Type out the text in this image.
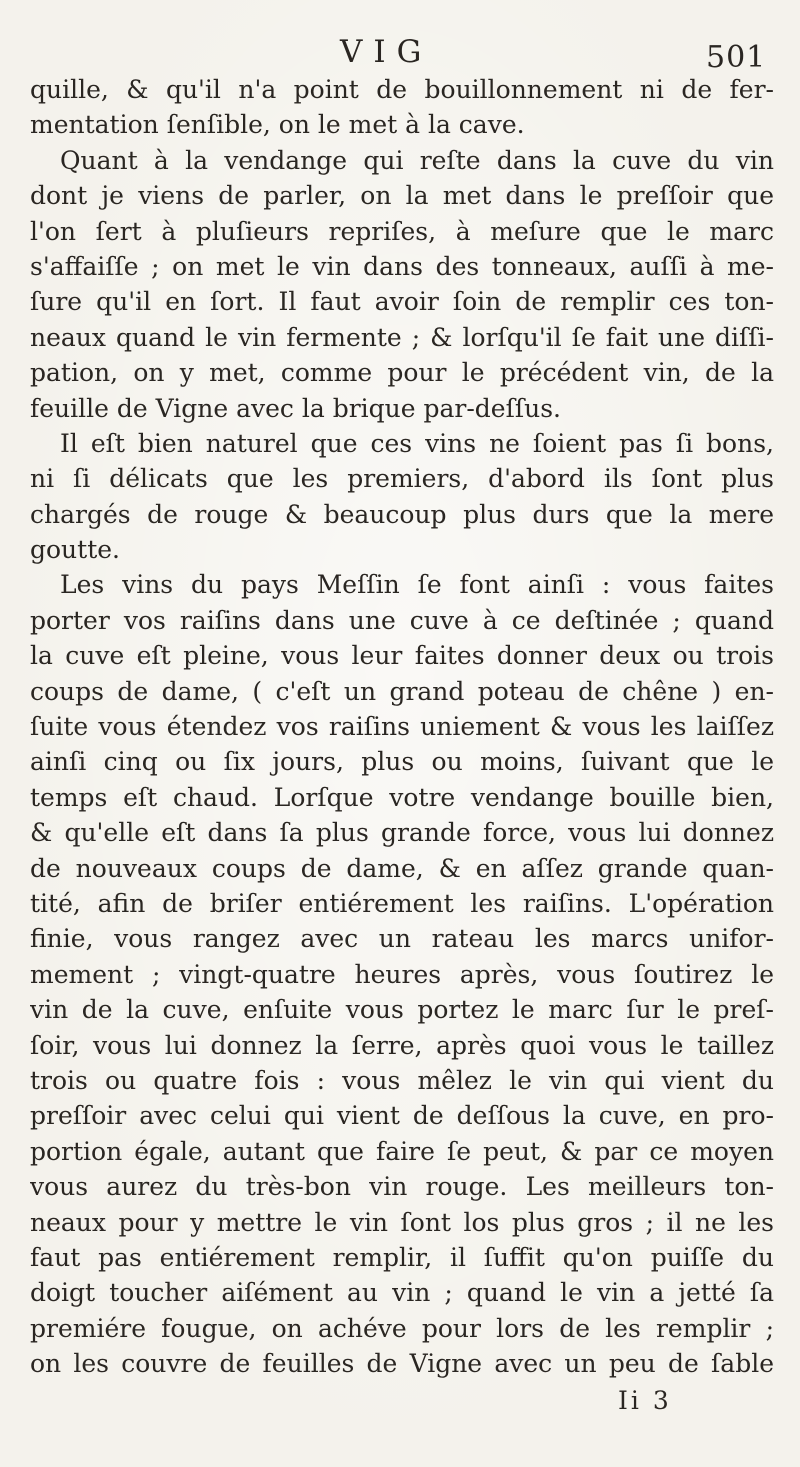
VIG	501
quille, & qu'il n'a point de bouillonnement ni de fer-
mentation ſenſible, on le met à la cave.
Quant à la vendange qui reſte dans la cuve du vin
dont je viens de parler, on la met dans le preſſoir que
l'on ſert à pluſieurs repriſes, à meſure que le marc
s'affaiſſe ; on met le vin dans des tonneaux, auſſi à me-
ſure qu'il en ſort. Il faut avoir ſoin de remplir ces ton-
neaux quand le vin fermente ; & lorſqu'il ſe fait une diſſi-
pation, on y met, comme pour le précédent vin, de la
feuille de Vigne avec la brique par-deſſus.
Il eſt bien naturel que ces vins ne ſoient pas ſi bons,
ni ſi délicats que les premiers, d'abord ils ſont plus
chargés de rouge & beaucoup plus durs que la mere
goutte.
Les vins du pays Meſſin ſe font ainſi : vous faites
porter vos raiſins dans une cuve à ce deſtinée ; quand
la cuve eſt pleine, vous leur faites donner deux ou trois
coups de dame, ( c'eſt un grand poteau de chêne ) en-
ſuite vous étendez vos raiſins uniement & vous les laiſſez
ainſi cinq ou ſix jours, plus ou moins, ſuivant que le
temps eſt chaud. Lorſque votre vendange bouille bien,
& qu'elle eſt dans ſa plus grande force, vous lui donnez
de nouveaux coups de dame, & en aſſez grande quan-
tité, afin de briſer entiérement les raiſins. L'opération
finie, vous rangez avec un rateau les marcs unifor-
mement ; vingt-quatre heures après, vous ſoutirez le
vin de la cuve, enſuite vous portez le marc ſur le preſ-
ſoir, vous lui donnez la ſerre, après quoi vous le taillez
trois ou quatre fois : vous mêlez le vin qui vient du
preſſoir avec celui qui vient de deſſous la cuve, en pro-
portion égale, autant que faire ſe peut, & par ce moyen
vous aurez du très-bon vin rouge. Les meilleurs ton-
neaux pour y mettre le vin ſont los plus gros ; il ne les
faut pas entiérement remplir, il ſuffit qu'on puiſſe du
doigt toucher aiſément au vin ; quand le vin a jetté ſa
premiére fougue, on achéve pour lors de les remplir ;
on les couvre de feuilles de Vigne avec un peu de ſable
Ii 3
